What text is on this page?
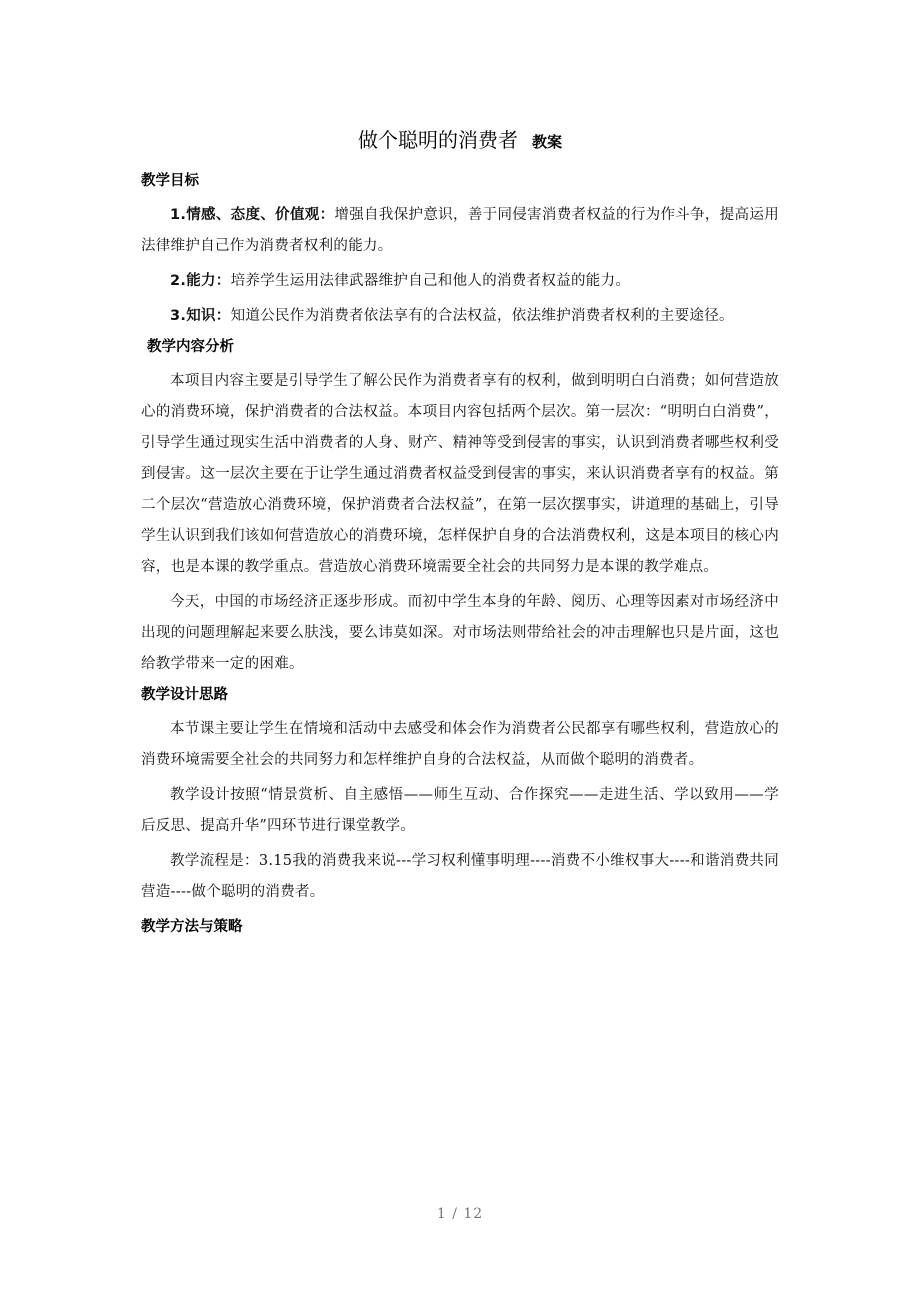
做个聪明的消费者 教案
教学目标

1.情感、态度、价值观：增强自我保护意识，善于同侵害消费者权益的行为作斗争，提高运用法律维护自己作为消费者权利的能力。

2.能力：培养学生运用法律武器维护自己和他人的消费者权益的能力。

3.知识：知道公民作为消费者依法享有的合法权益，依法维护消费者权利的主要途径。

教学内容分析

本项目内容主要是引导学生了解公民作为消费者享有的权利，做到明明白白消费；如何营造放心的消费环境，保护消费者的合法权益。本项目内容包括两个层次。第一层次：“明明白白消费”，引导学生通过现实生活中消费者的人身、财产、精神等受到侵害的事实，认识到消费者哪些权利受到侵害。这一层次主要在于让学生通过消费者权益受到侵害的事实，来认识消费者享有的权益。第二个层次“营造放心消费环境，保护消费者合法权益”，在第一层次摆事实，讲道理的基础上，引导学生认识到我们该如何营造放心的消费环境，怎样保护自身的合法消费权利，这是本项目的核心内容，也是本课的教学重点。营造放心消费环境需要全社会的共同努力是本课的教学难点。

今天，中国的市场经济正逐步形成。而初中学生本身的年龄、阅历、心理等因素对市场经济中出现的问题理解起来要么肤浅，要么讳莫如深。对市场法则带给社会的冲击理解也只是片面，这也给教学带来一定的困难。

教学设计思路

本节课主要让学生在情境和活动中去感受和体会作为消费者公民都享有哪些权利，营造放心的消费环境需要全社会的共同努力和怎样维护自身的合法权益，从而做个聪明的消费者。

教学设计按照“情景赏析、自主感悟——师生互动、合作探究——走进生活、学以致用——学后反思、提高升华”四环节进行课堂教学。

教学流程是：3.15我的消费我来说---学习权利懂事明理----消费不小维权事大----和谐消费共同营造----做个聪明的消费者。

教学方法与策略
1 / 12
